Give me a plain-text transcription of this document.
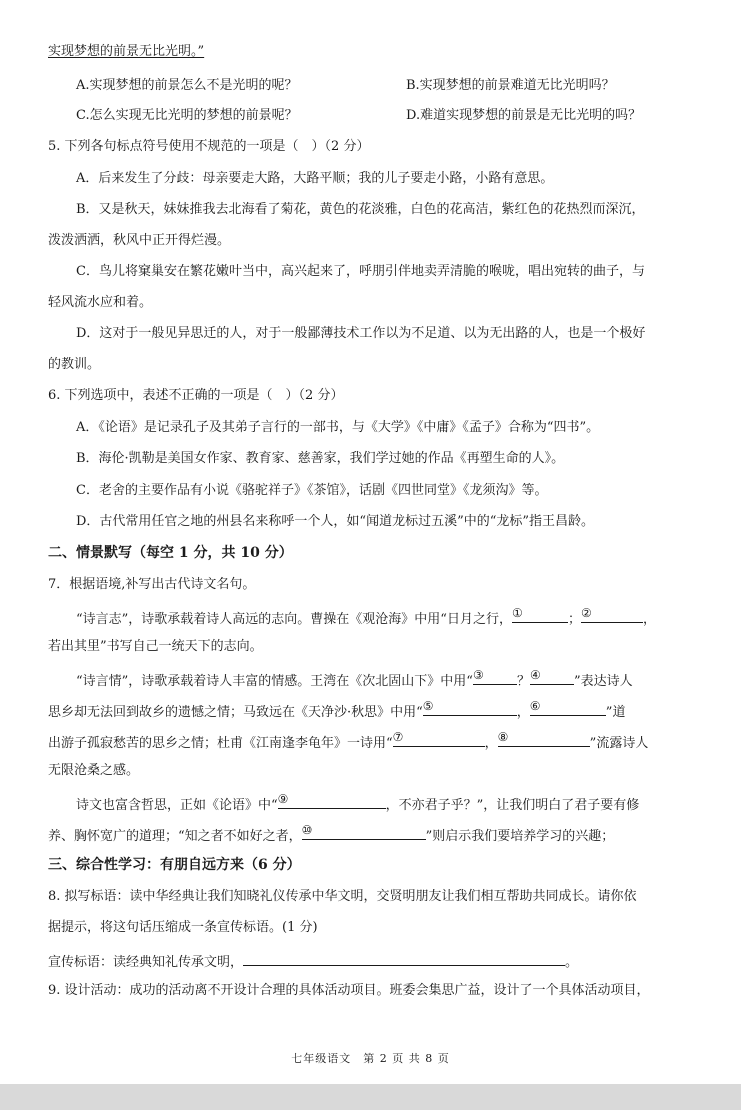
实现梦想的前景无比光明。”
A.实现梦想的前景怎么不是光明的呢？	B.实现梦想的前景难道无比光明吗？
C.怎么实现无比光明的梦想的前景呢？	D.难道实现梦想的前景是无比光明的吗？
5. 下列各句标点符号使用不规范的一项是（　）（2 分）
A．后来发生了分歧：母亲要走大路，大路平顺；我的儿子要走小路，小路有意思。
B．又是秋天，妹妹推我去北海看了菊花，黄色的花淡雅，白色的花高洁，紫红色的花热烈而深沉，
泼泼洒洒，秋风中正开得烂漫。
C．鸟儿将窠巢安在繁花嫩叶当中，高兴起来了，呼朋引伴地卖弄清脆的喉咙，唱出宛转的曲子，与
轻风流水应和着。
D．这对于一般见异思迁的人，对于一般鄙薄技术工作以为不足道、以为无出路的人，也是一个极好
的教训。
6. 下列选项中，表述不正确的一项是（　）（2 分）
A．《论语》是记录孔子及其弟子言行的一部书，与《大学》《中庸》《孟子》合称为“四书”。
B．海伦·凯勒是美国女作家、教育家、慈善家，我们学过她的作品《再塑生命的人》。
C．老舍的主要作品有小说《骆驼祥子》《茶馆》，话剧《四世同堂》《龙须沟》等。
D．古代常用任官之地的州县名来称呼一个人，如“闻道龙标过五溪”中的“龙标”指王昌龄。
二、情景默写（每空 1 分，共 10 分）
7．根据语境,补写出古代诗文名句。
“诗言志”，诗歌承载着诗人高远的志向。曹操在《观沧海》中用“日月之行， ①	； ②	，
若出其里”书写自己一统天下的志向。
“诗言情”，诗歌承载着诗人丰富的情感。王湾在《次北固山下》中用“ ③	？ ④	”表达诗人
思乡却无法回到故乡的遗憾之情；马致远在《天净沙·秋思》中用“ ⑤	， ⑥	”道
出游子孤寂愁苦的思乡之情；杜甫《江南逢李龟年》一诗用“ ⑦	， ⑧	”流露诗人
无限沧桑之感。
诗文也富含哲思，正如《论语》中“ ⑨	，不亦君子乎？”，让我们明白了君子要有修
养、胸怀宽广的道理；“知之者不如好之者， ⑩	”则启示我们要培养学习的兴趣；
三、综合性学习：有朋自远方来（6 分）
8. 拟写标语：读中华经典让我们知晓礼仪传承中华文明，交贤明朋友让我们相互帮助共同成长。请你依
据提示，将这句话压缩成一条宣传标语。(1 分)
宣传标语：读经典知礼传承文明，	。
9. 设计活动：成功的活动离不开设计合理的具体活动项目。班委会集思广益，设计了一个具体活动项目，
七年级语文　第 2 页 共 8 页
